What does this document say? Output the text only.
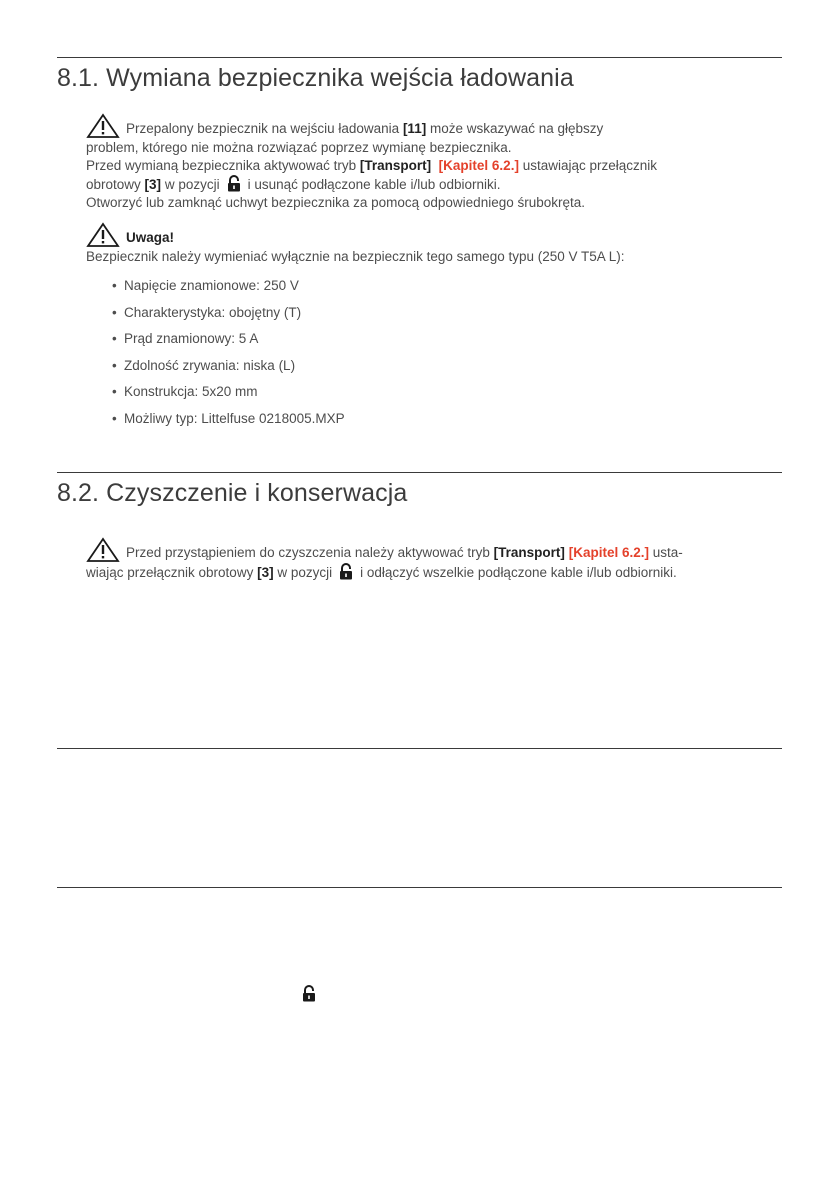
8.1. Wymiana bezpiecznika wejścia ładowania
Przepalony bezpiecznik na wejściu ładowania [11] może wskazywać na głębszy
problem, którego nie można rozwiązać poprzez wymianę bezpiecznika.
Przed wymianą bezpiecznika aktywować tryb [Transport] [Kapitel 6.2.] ustawiając przełącznik
obrotowy [3] w pozycji i usunąć podłączone kable i/lub odbiorniki.
Otworzyć lub zamknąć uchwyt bezpiecznika za pomocą odpowiedniego śrubokręta.
Uwaga!
Bezpiecznik należy wymieniać wyłącznie na bezpiecznik tego samego typu (250 V T5A L):
• Napięcie znamionowe: 250 V
• Charakterystyka: obojętny (T)
• Prąd znamionowy: 5 A
• Zdolność zrywania: niska (L)
• Konstrukcja: 5x20 mm
• Możliwy typ: Littelfuse 0218005.MXP
8.2. Czyszczenie i konserwacja
Przed przystąpieniem do czyszczenia należy aktywować tryb [Transport] [Kapitel 6.2.] usta-
wiając przełącznik obrotowy [3] w pozycji i odłączyć wszelkie podłączone kable i/lub odbiorniki.
